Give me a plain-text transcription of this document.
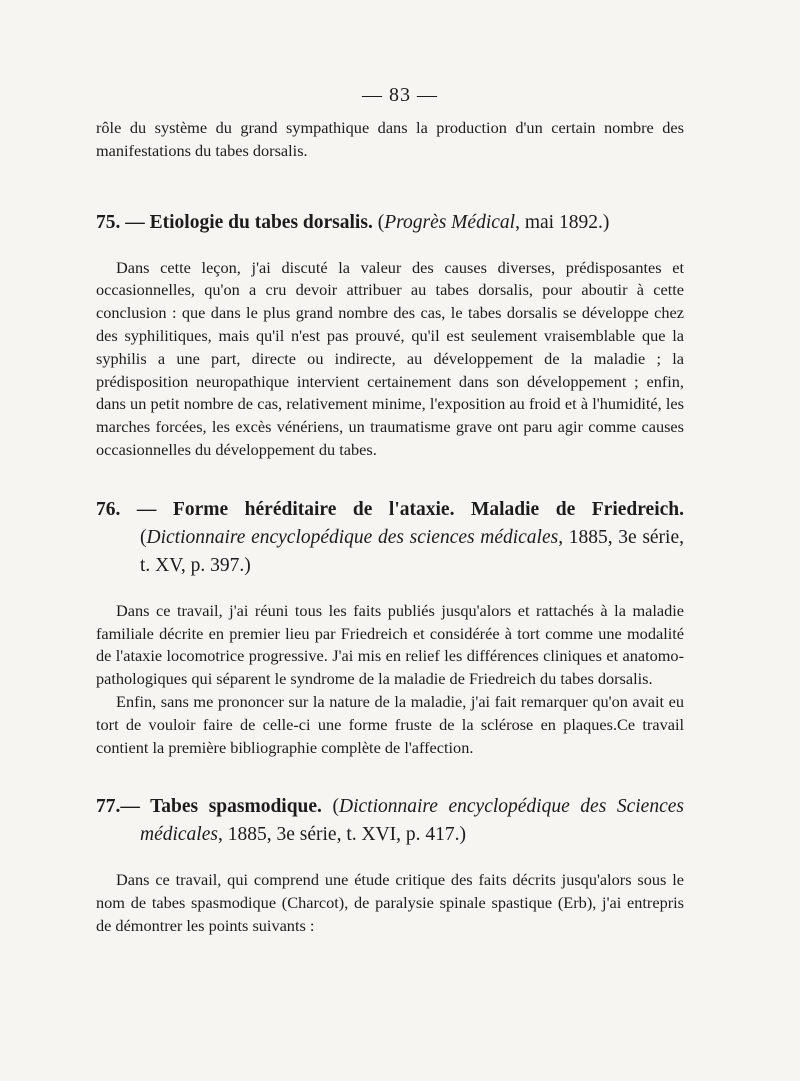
— 83 —

rôle du système du grand sympathique dans la production d'un certain nombre des manifestations du tabes dorsalis.

75. — Etiologie du tabes dorsalis. (Progrès Médical, mai 1892.)

Dans cette leçon, j'ai discuté la valeur des causes diverses, prédisposantes et occasionnelles, qu'on a cru devoir attribuer au tabes dorsalis, pour aboutir à cette conclusion : que dans le plus grand nombre des cas, le tabes dorsalis se développe chez des syphilitiques, mais qu'il n'est pas prouvé, qu'il est seulement vraisemblable que la syphilis a une part, directe ou indirecte, au développement de la maladie ; la prédisposition neuropathique intervient certainement dans son développement ; enfin, dans un petit nombre de cas, relativement minime, l'exposition au froid et à l'humidité, les marches forcées, les excès vénériens, un traumatisme grave ont paru agir comme causes occasionnelles du développement du tabes.

76. — Forme héréditaire de l'ataxie. Maladie de Friedreich. (Dictionnaire encyclopédique des sciences médicales, 1885, 3e série, t. XV, p. 397.)

Dans ce travail, j'ai réuni tous les faits publiés jusqu'alors et rattachés à la maladie familiale décrite en premier lieu par Friedreich et considérée à tort comme une modalité de l'ataxie locomotrice progressive. J'ai mis en relief les différences cliniques et anatomo-pathologiques qui séparent le syndrome de la maladie de Friedreich du tabes dorsalis.

Enfin, sans me prononcer sur la nature de la maladie, j'ai fait remarquer qu'on avait eu tort de vouloir faire de celle-ci une forme fruste de la sclérose en plaques.Ce travail contient la première bibliographie complète de l'affection.

77.— Tabes spasmodique. (Dictionnaire encyclopédique des Sciences médicales, 1885, 3e série, t. XVI, p. 417.)

Dans ce travail, qui comprend une étude critique des faits décrits jusqu'alors sous le nom de tabes spasmodique (Charcot), de paralysie spinale spastique (Erb), j'ai entrepris de démontrer les points suivants :
